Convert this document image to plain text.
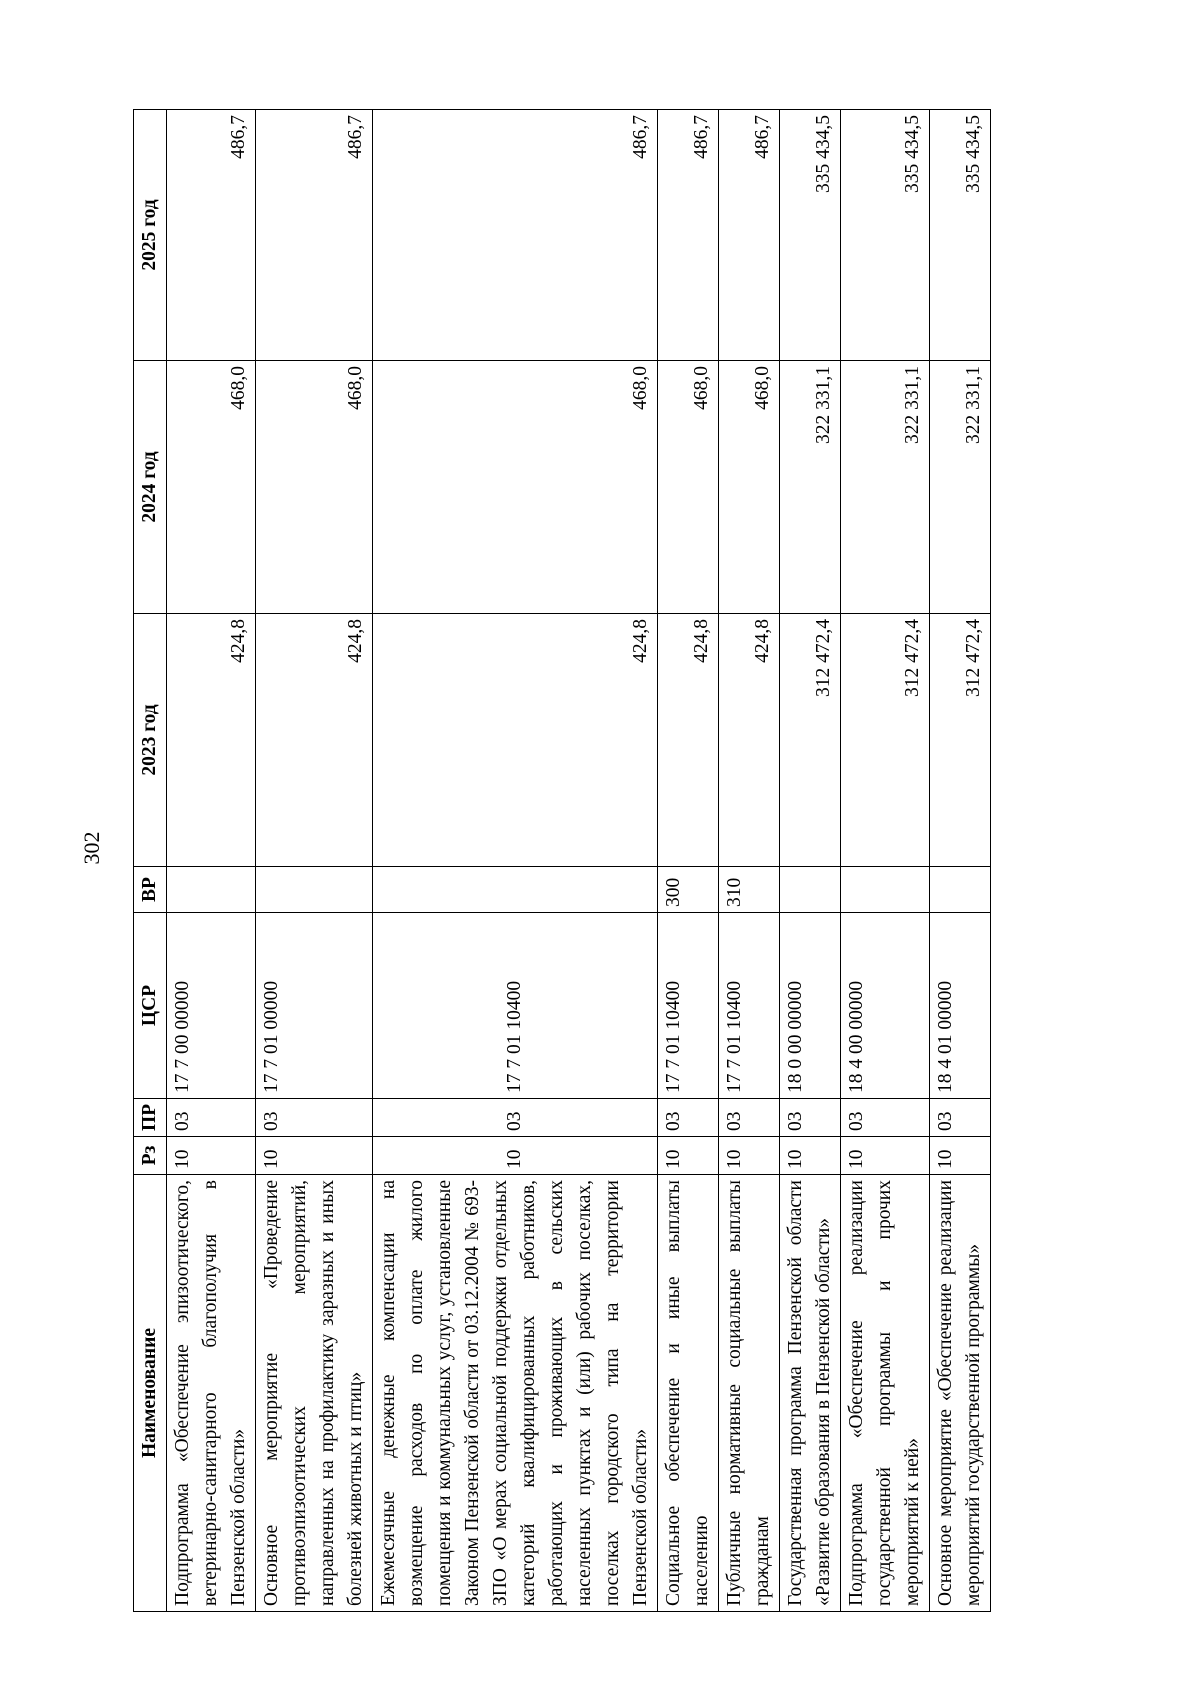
302
Наименование	Рз	ПР	ЦСР	ВР	2023 год	2024 год	2025 год
Подпрограмма «Обеспечение эпизоотического, ветеринарно-санитарного благополучия в Пензенской области»	10	03	17 7 00 00000		424,8	468,0	486,7
Основное мероприятие «Проведение противоэпизоотических мероприятий, направленных на профилактику заразных и иных болезней животных и птиц»	10	03	17 7 01 00000		424,8	468,0	486,7
Ежемесячные денежные компенсации на возмещение расходов по оплате жилого помещения и коммунальных услуг, установленные Законом Пензенской области от 03.12.2004 № 693-ЗПО «О мерах социальной поддержки отдельных категорий квалифицированных работников, работающих и проживающих в сельских населенных пунктах и (или) рабочих поселках, поселках городского типа на территории Пензенской области»	10	03	17 7 01 10400		424,8	468,0	486,7
Социальное обеспечение и иные выплаты населению	10	03	17 7 01 10400	300	424,8	468,0	486,7
Публичные нормативные социальные выплаты гражданам	10	03	17 7 01 10400	310	424,8	468,0	486,7
Государственная программа Пензенской области «Развитие образования в Пензенской области»	10	03	18 0 00 00000		312 472,4	322 331,1	335 434,5
Подпрограмма «Обеспечение реализации государственной программы и прочих мероприятий к ней»	10	03	18 4 00 00000		312 472,4	322 331,1	335 434,5
Основное мероприятие «Обеспечение реализации мероприятий государственной программы»	10	03	18 4 01 00000		312 472,4	322 331,1	335 434,5
